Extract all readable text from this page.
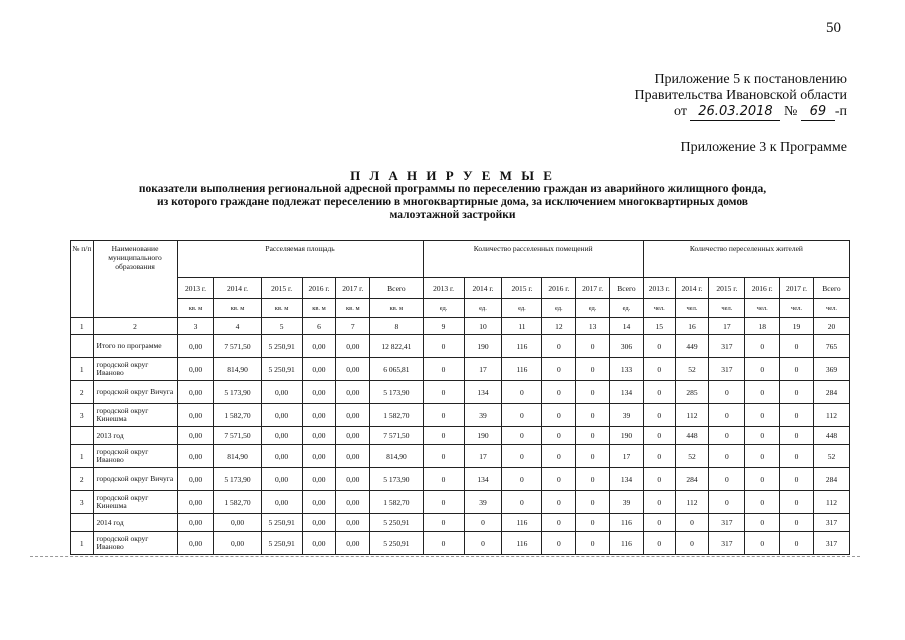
50
Приложение 5 к постановлению
Правительства Ивановской области
от 26.03.2018 № 69 -п
Приложение 3 к Программе
П Л А Н И Р У Е М Ы Е
показатели выполнения региональной адресной программы по переселению граждан из аварийного жилищного фонда,
из которого граждане подлежат переселению в многоквартирные дома, за исключением многоквартирных домов
малоэтажной застройки
№ п/п	Наименование муниципального образования	Расселяемая площадь						Количество расселенных помещений						Количество переселенных жителей					
		2013 г.	2014 г.	2015 г.	2016 г.	2017 г.	Всего	2013 г.	2014 г.	2015 г.	2016 г.	2017 г.	Всего	2013 г.	2014 г.	2015 г.	2016 г.	2017 г.	Всего
		кв. м	кв. м	кв. м	кв. м	кв. м	кв. м	ед.	ед.	ед.	ед.	ед.	ед.	чел.	чел.	чел.	чел.	чел.	чел.
1	2	3	4	5	6	7	8	9	10	11	12	13	14	15	16	17	18	19	20
	Итого по программе	0,00	7 571,50	5 250,91	0,00	0,00	12 822,41	0	190	116	0	0	306	0	449	317	0	0	765
1	городской округ Иваново	0,00	814,90	5 250,91	0,00	0,00	6 065,81	0	17	116	0	0	133	0	52	317	0	0	369
2	городской округ Вичуга	0,00	5 173,90	0,00	0,00	0,00	5 173,90	0	134	0	0	0	134	0	285	0	0	0	284
3	городской округ Кинешма	0,00	1 582,70	0,00	0,00	0,00	1 582,70	0	39	0	0	0	39	0	112	0	0	0	112
	2013 год	0,00	7 571,50	0,00	0,00	0,00	7 571,50	0	190	0	0	0	190	0	448	0	0	0	448
1	городской округ Иваново	0,00	814,90	0,00	0,00	0,00	814,90	0	17	0	0	0	17	0	52	0	0	0	52
2	городской округ Вичуга	0,00	5 173,90	0,00	0,00	0,00	5 173,90	0	134	0	0	0	134	0	284	0	0	0	284
3	городской округ Кинешма	0,00	1 582,70	0,00	0,00	0,00	1 582,70	0	39	0	0	0	39	0	112	0	0	0	112
	2014 год	0,00	0,00	5 250,91	0,00	0,00	5 250,91	0	0	116	0	0	116	0	0	317	0	0	317
1	городской округ Иваново	0,00	0,00	5 250,91	0,00	0,00	5 250,91	0	0	116	0	0	116	0	0	317	0	0	317
